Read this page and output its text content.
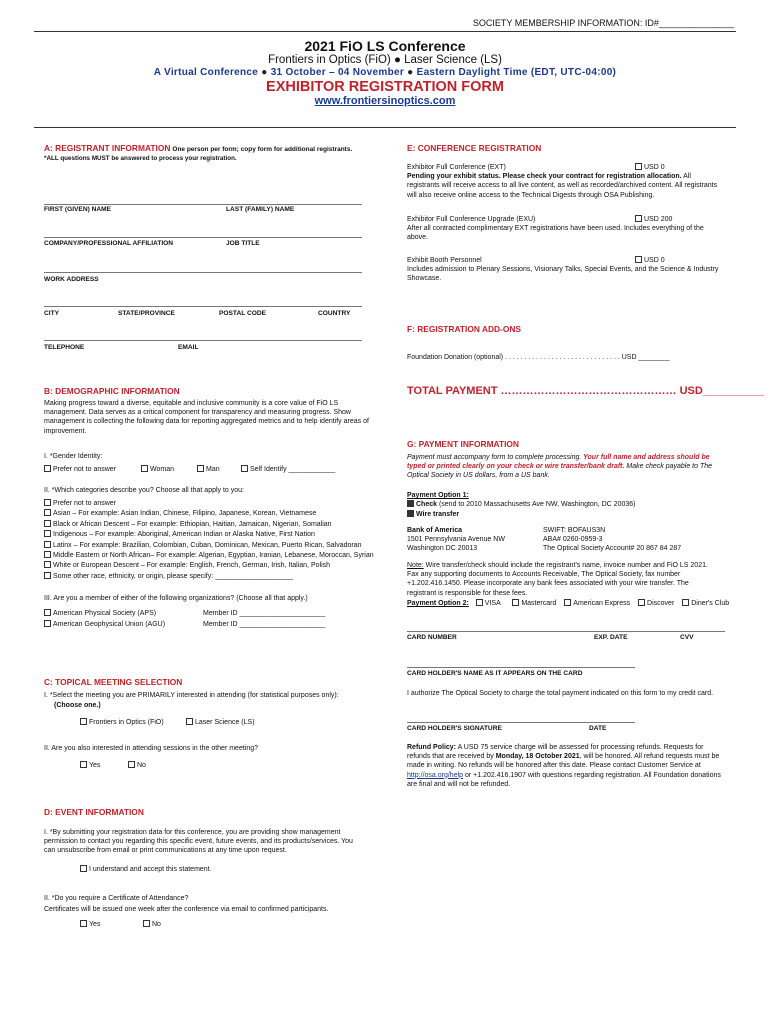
SOCIETY MEMBERSHIP INFORMATION: ID#_______________
2021 FiO LS Conference
Frontiers in Optics (FiO) ● Laser Science (LS)
A Virtual Conference ● 31 October – 04 November ● Eastern Daylight Time (EDT, UTC-04:00)
EXHIBITOR REGISTRATION FORM
www.frontiersinoptics.com
A: REGISTRANT INFORMATION One person per form; copy form for additional registrants.
*ALL questions MUST be answered to process your registration.
FIRST (GIVEN) NAME	LAST (FAMILY) NAME
COMPANY/PROFESSIONAL AFFILIATION	JOB TITLE
WORK ADDRESS
CITY	STATE/PROVINCE	POSTAL CODE	COUNTRY
TELEPHONE	EMAIL
B: DEMOGRAPHIC INFORMATION
Making progress toward a diverse, equitable and inclusive community is a core value of FiO LS management. Data serves as a critical component for transparency and measuring progress. Show management is collecting the following data for reporting aggregated metrics and to help identify areas of improvement.
I. *Gender Identity:
Prefer not to answer	Woman	Man	Self Identify ____________
II. *Which categories describe you? Choose all that apply to you:
Prefer not to answer
Asian – For example: Asian Indian, Chinese, Filipino, Japanese, Korean, Vietnamese
Black or African Descent – For example: Ethiopian, Haitian, Jamaican, Nigerian, Somalian
Indigenous – For example: Aboriginal, American Indian or Alaska Native, First Nation
Latinx – For example: Brazilian, Colombian, Cuban, Dominican, Mexican, Puerto Rican, Salvadoran
Middle Eastern or North African– For example: Algerian, Egyptian, Iranian, Lebanese, Moroccan, Syrian
White or European Descent – For example: English, French, German, Irish, Italian, Polish
Some other race, ethnicity, or origin, please specify: ____________________
III. Are you a member of either of the following organizations? (Choose all that apply.)
American Physical Society (APS)
American Geophysical Union (AGU)
Member ID ______________________
Member ID ______________________
C: TOPICAL MEETING SELECTION
I. *Select the meeting you are PRIMARILY interested in attending (for statistical purposes only):
(Choose one.)
Frontiers in Optics (FiO)	Laser Science (LS)
II. Are you also interested in attending sessions in the other meeting?
Yes	No
D: EVENT INFORMATION
I. *By submitting your registration data for this conference, you are providing show management permission to contact you regarding this specific event, future events, and its products/services. You can unsubscribe from email or print communications at any time upon request.
I understand and accept this statement.
II. *Do you require a Certificate of Attendance?
Certificates will be issued one week after the conference via email to confirmed participants.
Yes	No
E: CONFERENCE REGISTRATION
Exhibitor Full Conference (EXT)	USD 0
Pending your exhibit status. Please check your contract for registration allocation. All registrants will receive access to all live content, as well as recorded/archived content. All registrants will also receive online access to the Technical Digests through OSA Publishing.
Exhibitor Full Conference Upgrade (EXU)	USD 200
After all contracted complimentary EXT registrations have been used. Includes everything of the above.
Exhibit Booth Personnel	USD 0
Includes admission to Plenary Sessions, Visionary Talks, Special Events, and the Science & Industry Showcase.
F: REGISTRATION ADD-ONS
Foundation Donation (optional) . . . . . . . . . . . . . . . . . . . . . . . . . . . . . . USD ________
TOTAL PAYMENT ………………………………………… USD__________
G: PAYMENT INFORMATION
Payment must accompany form to complete processing. Your full name and address should be typed or printed clearly on your check or wire transfer/bank draft. Make check payable to The Optical Society in US dollars, from a US bank.
Payment Option 1:
Check (send to 2010 Massachusetts Ave NW, Washington, DC 20036)
Wire transfer
Bank of America
1501 Pennsylvania Avenue NW
Washington DC 20013
SWIFT: BOFAUS3N
ABA# 0260-0959-3
The Optical Society Account# 20 867 84 287
Note: Wire transfer/check should include the registrant's name, invoice number and FiO LS 2021. Fax any supporting documents to Accounts Receivable, The Optical Society, fax number +1.202.416.1450. Please incorporate any bank fees associated with your wire transfer. The registrant is responsible for these fees.
Payment Option 2: VISA	Mastercard American Express Discover Diner's Club
CARD NUMBER	EXP. DATE	CVV
CARD HOLDER'S NAME AS IT APPEARS ON THE CARD
I authorize The Optical Society to charge the total payment indicated on this form to my credit card.
CARD HOLDER'S SIGNATURE	DATE
Refund Policy: A USD 75 service charge will be assessed for processing refunds. Requests for refunds that are received by Monday, 18 October 2021, will be honored. All refund requests must be made in writing. No refunds will be honored after this date. Please contact Customer Service at http://osa.org/help or +1.202.416.1907 with questions regarding registration. All Foundation donations are final and will not be refunded.
